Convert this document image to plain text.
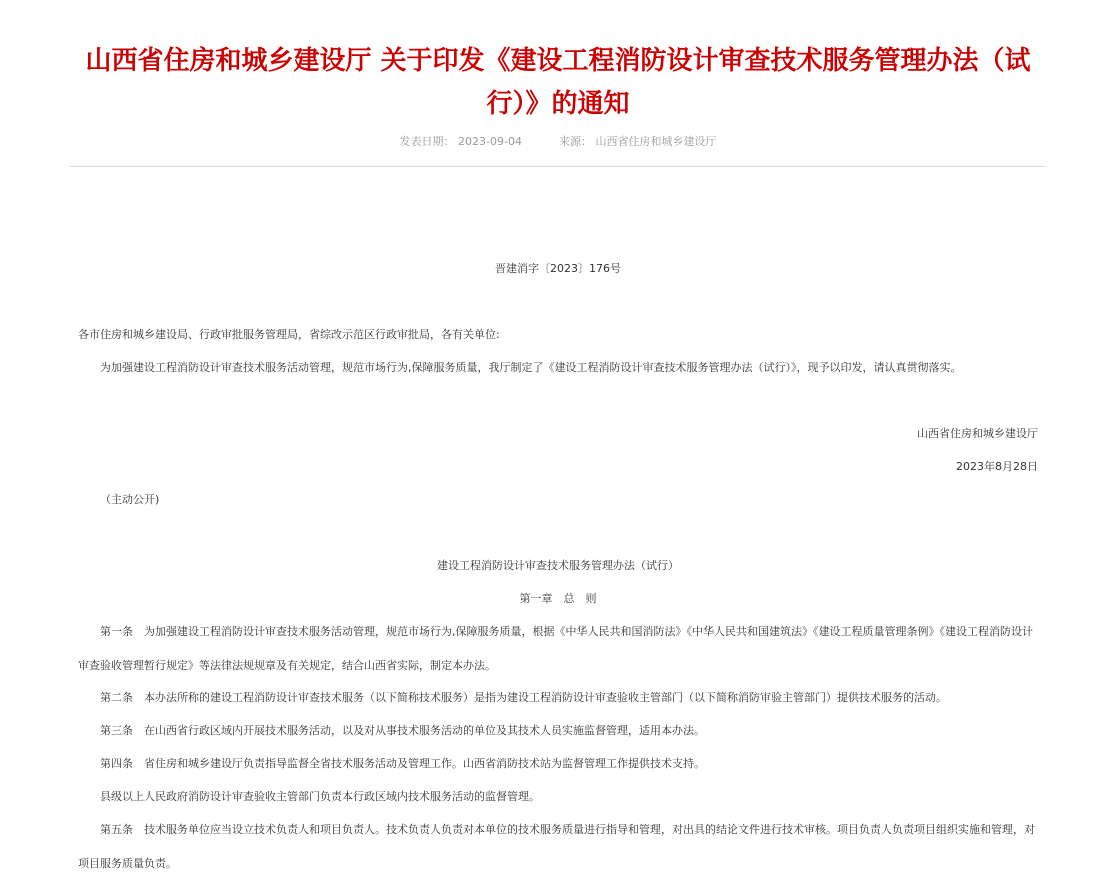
山西省住房和城乡建设厅 关于印发《建设工程消防设计审查技术服务管理办法（试行）》的通知
发表日期： 2023-09-04	来源： 山西省住房和城乡建设厅
晋建消字〔2023〕176号
各市住房和城乡建设局、行政审批服务管理局，省综改示范区行政审批局，各有关单位:
为加强建设工程消防设计审查技术服务活动管理，规范市场行为,保障服务质量，我厅制定了《建设工程消防设计审查技术服务管理办法（试行）》，现予以印发，请认真贯彻落实。
山西省住房和城乡建设厅
2023年8月28日
（主动公开)
建设工程消防设计审查技术服务管理办法（试行）
第一章　总　则

第一条　为加强建设工程消防设计审查技术服务活动管理，规范市场行为,保障服务质量，根据《中华人民共和国消防法》《中华人民共和国建筑法》《建设工程质量管理条例》《建设工程消防设计审查验收管理暂行规定》等法律法规规章及有关规定，结合山西省实际，制定本办法。

第二条　本办法所称的建设工程消防设计审查技术服务（以下简称技术服务）是指为建设工程消防设计审查验收主管部门（以下简称消防审验主管部门）提供技术服务的活动。

第三条　在山西省行政区域内开展技术服务活动，以及对从事技术服务活动的单位及其技术人员实施监督管理，适用本办法。

第四条　省住房和城乡建设厅负责指导监督全省技术服务活动及管理工作。山西省消防技术站为监督管理工作提供技术支持。

县级以上人民政府消防设计审查验收主管部门负责本行政区域内技术服务活动的监督管理。

第五条　技术服务单位应当设立技术负责人和项目负责人。技术负责人负责对本单位的技术服务质量进行指导和管理，对出具的结论文件进行技术审核。项目负责人负责项目组织实施和管理，对项目服务质量负责。
